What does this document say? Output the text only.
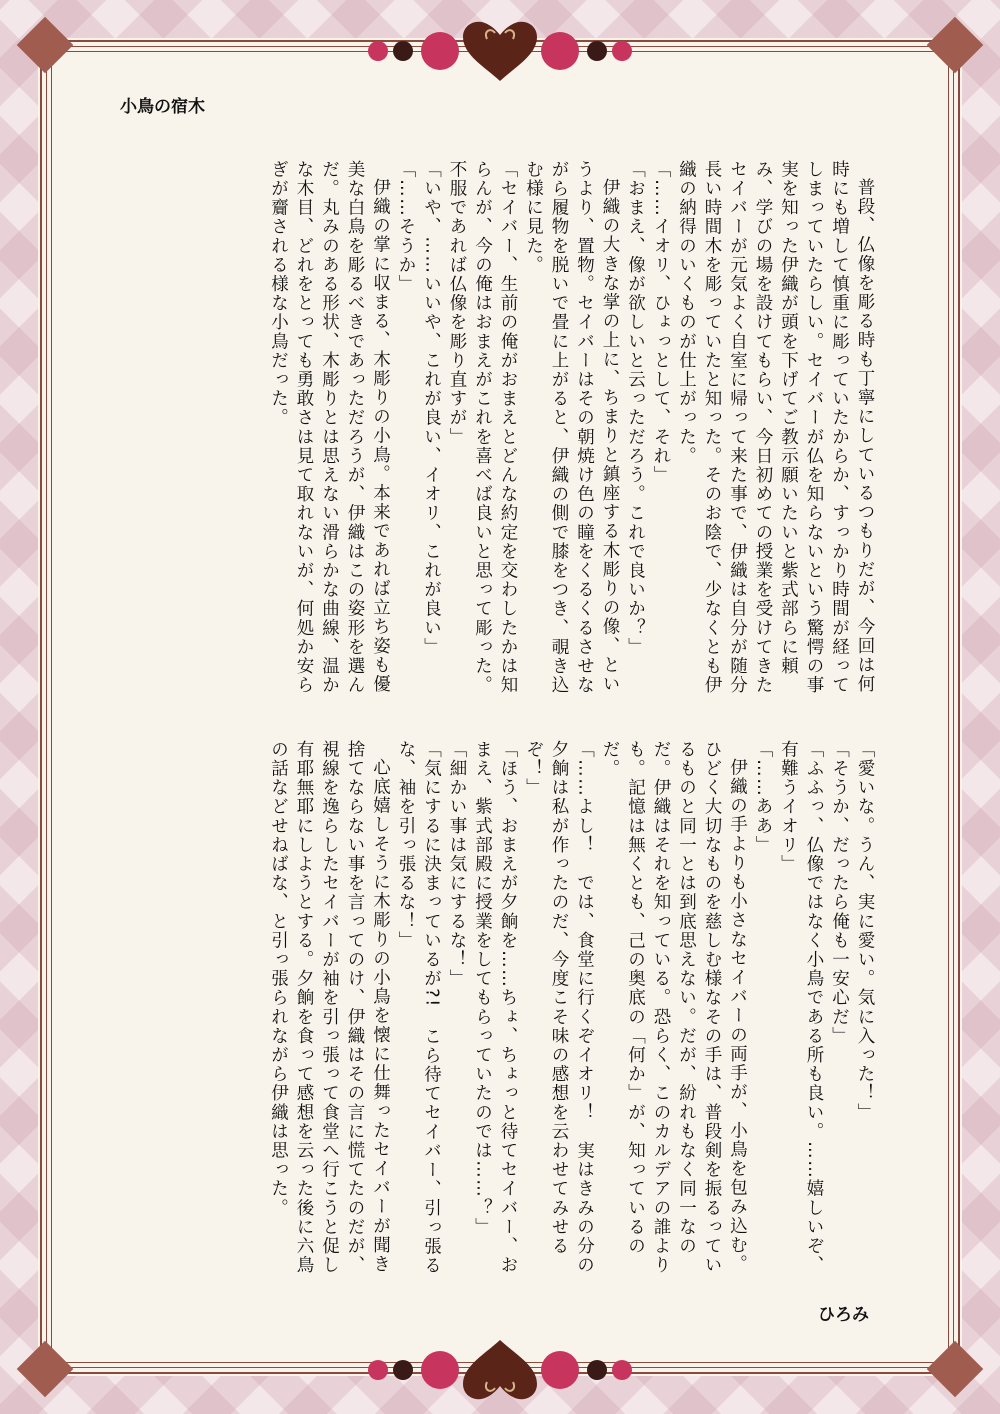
小鳥の宿木

普段、仏像を彫る時も丁寧にしているつもりだが、今回は何時にも増して慎重に彫っていたからか、すっかり時間が経ってしまっていたらしい。セイバーが仏を知らないという驚愕の事実を知った伊織が頭を下げてご教示願いたいと紫式部らに頼み、学びの場を設けてもらい、今日初めての授業を受けてきたセイバーが元気よく自室に帰って来た事で、伊織は自分が随分長い時間木を彫っていたと知った。そのお陰で、少なくとも伊織の納得のいくものが仕上がった。

「……イオリ、ひょっとして、それ」

「おまえ、像が欲しいと云っただろう。これで良いか？」

伊織の大きな掌の上に、ちまりと鎮座する木彫りの像、というより、置物。セイバーはその朝焼け色の瞳をくるくるさせながら履物を脱いで畳に上がると、伊織の側で膝をつき、覗き込む様に見た。

「セイバー、生前の俺がおまえとどんな約定を交わしたかは知らんが、今の俺はおまえがこれを喜べば良いと思って彫った。不服であれば仏像を彫り直すが」

「いや、……いいや、これが良い、イオリ、これが良い」

「……そうか」

伊織の掌に収まる、木彫りの小鳥。本来であれば立ち姿も優美な白鳥を彫るべきであっただろうが、伊織はこの姿形を選んだ。丸みのある形状、木彫りとは思えない滑らかな曲線、温かな木目、どれをとっても勇敢さは見て取れないが、何処か安らぎが齎される様な小鳥だった。

「愛いな。うん、実に愛い。気に入った！」

「そうか、だったら俺も一安心だ」

「ふふっ、仏像ではなく小鳥である所も良い。……嬉しいぞ、有難うイオリ」

「……ああ」

伊織の手よりも小さなセイバーの両手が、小鳥を包み込む。ひどく大切なものを慈しむ様なその手は、普段剣を振るっているものと同一とは到底思えない。だが、紛れもなく同一なのだ。伊織はそれを知っている。恐らく、このカルデアの誰よりも。記憶は無くとも、己の奥底の「何か」が、知っているのだ。

「……よし！　では、食堂に行くぞイオリ！　実はきみの分の夕餉は私が作ったのだ、今度こそ味の感想を云わせてみせるぞ！」

「ほう、おまえが夕餉を……ちょ、ちょっと待てセイバー、おまえ、紫式部殿に授業をしてもらっていたのでは……？」

「細かい事は気にするな！」

「気にするに決まっているが?!　こら待てセイバー、引っ張るな、袖を引っ張るな！」

心底嬉しそうに木彫りの小鳥を懐に仕舞ったセイバーが聞き捨てならない事を言ってのけ、伊織はその言に慌てたのだが、視線を逸らしたセイバーが袖を引っ張って食堂へ行こうと促し有耶無耶にしようとする。夕餉を食って感想を云った後に六鳥の話などせねばな、と引っ張られながら伊織は思った。

ひろみ
